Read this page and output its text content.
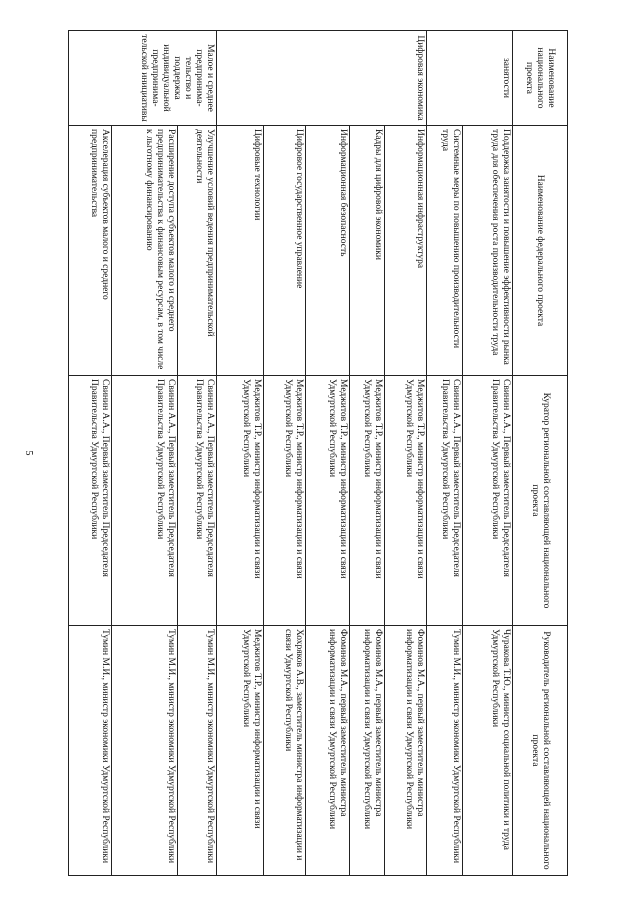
5

Наименование национального проекта	Наименование федерального проекта	Куратор региональной составляющей национального проекта	Руководитель региональной составляющей национального проекта
занятости	Поддержка занятости и повышение эффективности рынка труда для обеспечения роста производительности труда	Свинин А.А., Первый заместитель Председателя Правительства Удмуртской Республики	Чуракова Т.Ю., министр социальной политики и труда Удмуртской Республики
	Системные меры по повышению производительности труда	Свинин А.А., Первый заместитель Председателя Правительства Удмуртской Республики	Тумин М.И., министр экономики Удмуртской Республики
Цифровая экономика	Информационная инфраструктура	Меджитов Т.Р., министр информатизации и связи Удмуртской Республики	Фоминов М.А., первый заместитель министра информатизации и связи Удмуртской Республики
	Кадры для цифровой экономики	Меджитов Т.Р., министр информатизации и связи Удмуртской Республики	Фоминов М.А., первый заместитель министра информатизации и связи Удмуртской Республики
	Информационная безопасность	Меджитов Т.Р., министр информатизации и связи Удмуртской Республики	Фоминов М.А., первый заместитель министра информатизации и связи Удмуртской Республики
	Цифровое государственное управление	Меджитов Т.Р., министр информатизации и связи Удмуртской Республики	Хохряков А.В., заместитель министра информатизации и связи Удмуртской Республики
	Цифровые технологии	Меджитов Т.Р., министр информатизации и связи Удмуртской Республики	Меджитов Т.Р., министр информатизации и связи Удмуртской Республики
Малое и среднее предпринима-тельство и поддержка индивидуальной предпринима-тельской инициативы	Улучшение условий ведения предпринимательской деятельности	Свинин А.А., Первый заместитель Председателя Правительства Удмуртской Республики	Тумин М.И., министр экономики Удмуртской Республики
	Расширение доступа субъектов малого и среднего предпринимательства к финансовым ресурсам, в том числе к льготному финансированию	Свинин А.А., Первый заместитель Председателя Правительства Удмуртской Республики	Тумин М.И., министр экономики Удмуртской Республики
	Акселерация субъектов малого и среднего предпринимательства	Свинин А.А., Первый заместитель Председателя Правительства Удмуртской Республики	Тумин М.И., министр экономики Удмуртской Республики
